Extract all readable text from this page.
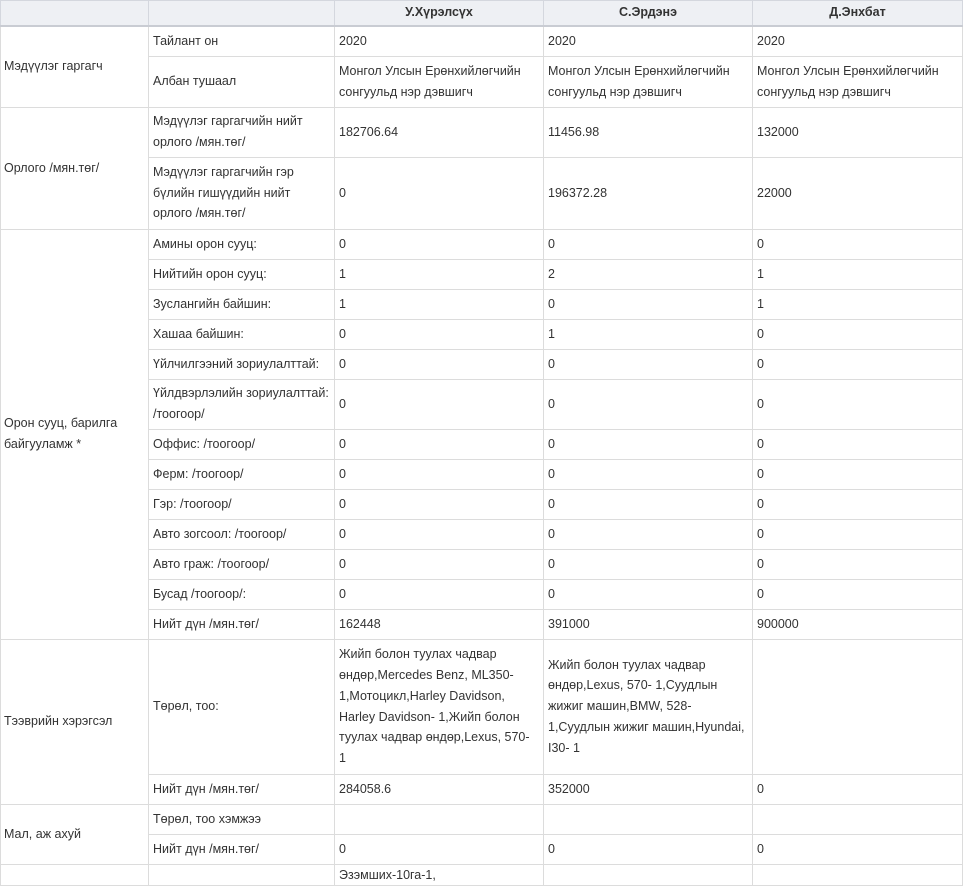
		У.Хүрэлсүх	С.Эрдэнэ	Д.Энхбат
Мэдүүлэг гаргагч	Тайлант он	2020	2020	2020
	Албан тушаал	Монгол Улсын Ерөнхийлөгчийн сонгуульд нэр дэвшигч	Монгол Улсын Ерөнхийлөгчийн сонгуульд нэр дэвшигч	Монгол Улсын Ерөнхийлөгчийн сонгуульд нэр дэвшигч
Орлого /мян.төг/	Мэдүүлэг гаргагчийн нийт орлого /мян.төг/	182706.64	11456.98	132000
	Мэдүүлэг гаргагчийн гэр бүлийн гишүүдийн нийт орлого /мян.төг/	0	196372.28	22000
Орон сууц, барилга байгууламж *	Амины орон сууц:	0	0	0
	Нийтийн орон сууц:	1	2	1
	Зуслангийн байшин:	1	0	1
	Хашаа байшин:	0	1	0
	Үйлчилгээний зориулалттай:	0	0	0
	Үйлдвэрлэлийн зориулалттай: /тоогоор/	0	0	0
	Оффис: /тоогоор/	0	0	0
	Ферм: /тоогоор/	0	0	0
	Гэр: /тоогоор/	0	0	0
	Авто зогсоол: /тоогоор/	0	0	0
	Авто граж: /тоогоор/	0	0	0
	Бусад /тоогоор/:	0	0	0
	Нийт дүн /мян.төг/	162448	391000	900000
Тээврийн хэрэгсэл	Төрөл, тоо:	Жийп болон туулах чадвар өндөр,Mercedes Benz, ML350- 1,Мотоцикл,Harley Davidson, Harley Davidson- 1,Жийп болон туулах чадвар өндөр,Lexus, 570- 1	Жийп болон туулах чадвар өндөр,Lexus, 570- 1,Суудлын жижиг машин,BMW, 528- 1,Суудлын жижиг машин,Hyundai, I30- 1	
	Нийт дүн /мян.төг/	284058.6	352000	0
Мал, аж ахуй	Төрөл, тоо хэмжээ			
	Нийт дүн /мян.төг/	0	0	0
		Эзэмших-10га-1,		
